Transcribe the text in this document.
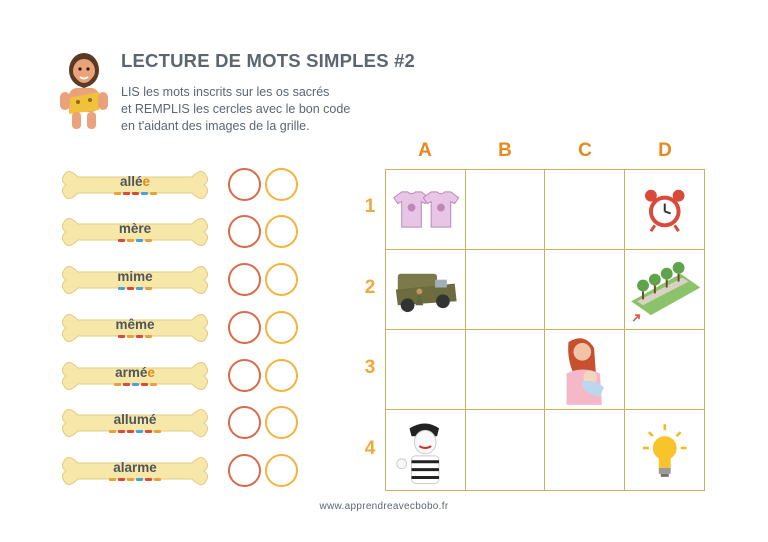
LECTURE DE MOTS SIMPLES #2
LIS les mots inscrits sur les os sacrés
et REMPLIS les cercles avec le bon code
en t'aidant des images de la grille.
allée
mère
mime
même
armée
allumé
alarme
A	B	C	D
1
2
3
4
www.apprendreavecbobo.fr
